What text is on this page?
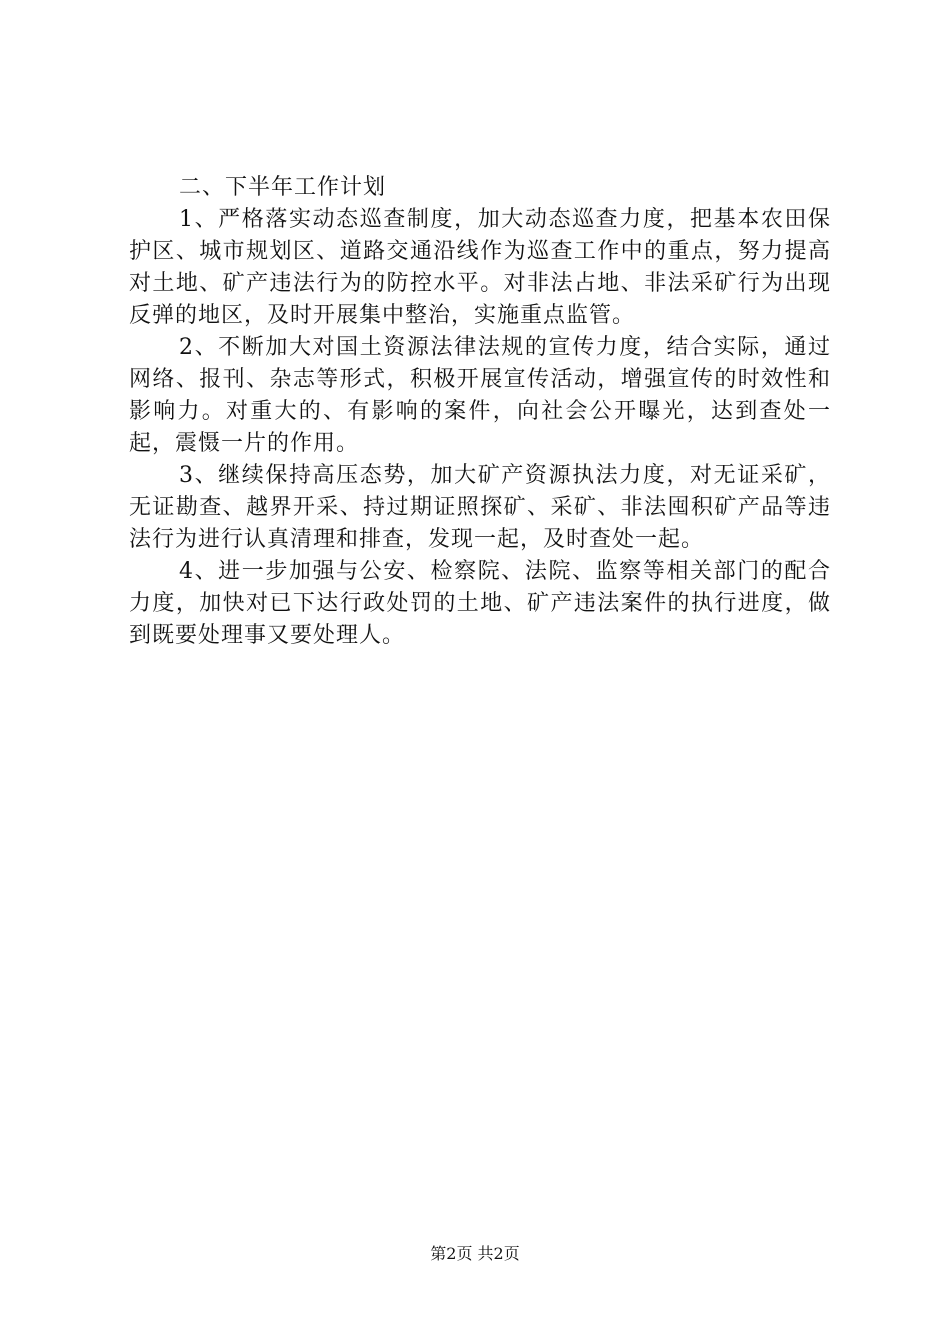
二、下半年工作计划

1、严格落实动态巡查制度，加大动态巡查力度，把基本农田保护区、城市规划区、道路交通沿线作为巡查工作中的重点，努力提高对土地、矿产违法行为的防控水平。对非法占地、非法采矿行为出现反弹的地区，及时开展集中整治，实施重点监管。

2、不断加大对国土资源法律法规的宣传力度，结合实际，通过网络、报刊、杂志等形式，积极开展宣传活动，增强宣传的时效性和影响力。对重大的、有影响的案件，向社会公开曝光，达到查处一起，震慑一片的作用。

3、继续保持高压态势，加大矿产资源执法力度，对无证采矿，无证勘查、越界开采、持过期证照探矿、采矿、非法囤积矿产品等违法行为进行认真清理和排查，发现一起，及时查处一起。

4、进一步加强与公安、检察院、法院、监察等相关部门的配合力度，加快对已下达行政处罚的土地、矿产违法案件的执行进度，做到既要处理事又要处理人。

第2页 共2页
